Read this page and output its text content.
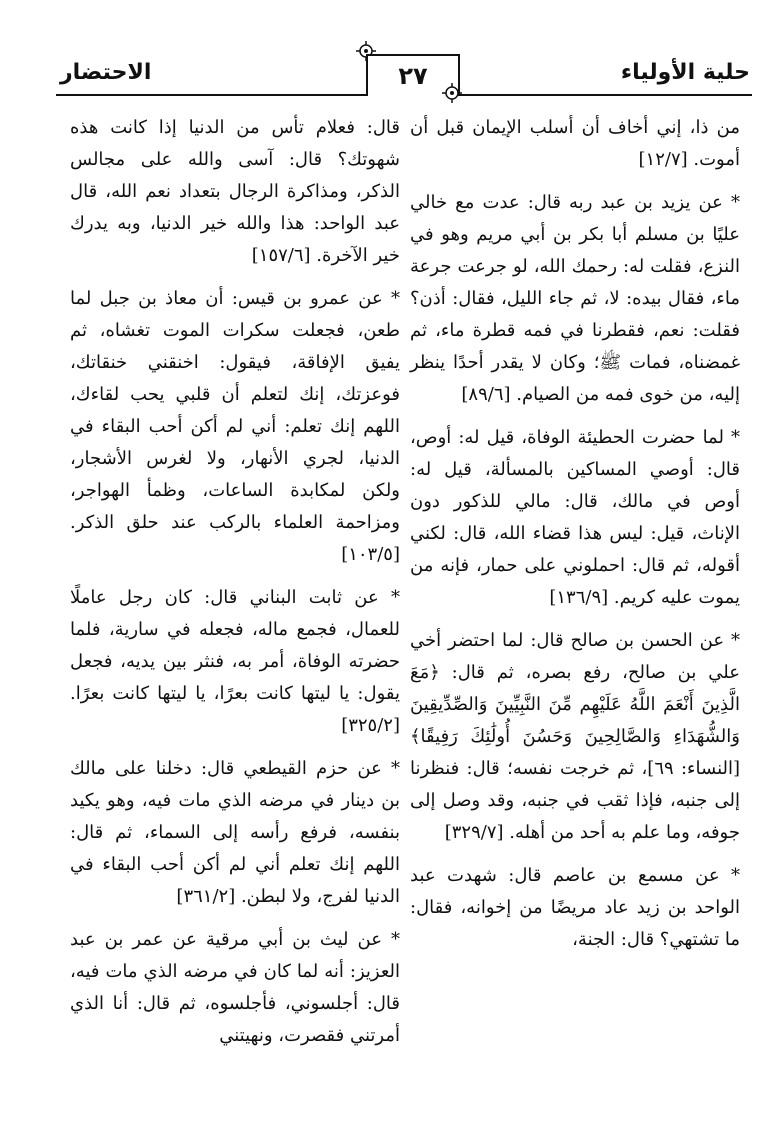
الاحتضار	٢٧	حلية الأولياء

من ذا، إني أخاف أن أسلب الإيمان قبل أن أموت. [١٢/٧]

* عن يزيد بن عبد ربه قال: عدت مع خالي عليًا بن مسلم أبا بكر بن أبي مريم وهو في النزع، فقلت له: رحمك الله، لو جرعت جرعة ماء، فقال بيده: لا، ثم جاء الليل، فقال: أذن؟ فقلت: نعم، فقطرنا في فمه قطرة ماء، ثم غمضناه، فمات ﷺ؛ وكان لا يقدر أحدًا ينظر إليه، من خوى فمه من الصيام. [٨٩/٦]

* لما حضرت الحطيئة الوفاة، قيل له: أوص، قال: أوصي المساكين بالمسألة، قيل له: أوص في مالك، قال: مالي للذكور دون الإناث، قيل: ليس هذا قضاء الله، قال: لكني أقوله، ثم قال: احملوني على حمار، فإنه من يموت عليه كريم. [١٣٦/٩]

* عن الحسن بن صالح قال: لما احتضر أخي علي بن صالح، رفع بصره، ثم قال: ﴿مَعَ الَّذِينَ أَنْعَمَ اللَّهُ عَلَيْهِم مِّنَ النَّبِيِّينَ وَالصِّدِّيقِينَ وَالشُّهَدَاءِ وَالصَّالِحِينَ وَحَسُنَ أُولَٰئِكَ رَفِيقًا﴾ [النساء: ٦٩]، ثم خرجت نفسه؛ قال: فنظرنا إلى جنبه، فإذا ثقب في جنبه، وقد وصل إلى جوفه، وما علم به أحد من أهله. [٣٢٩/٧]

* عن مسمع بن عاصم قال: شهدت عبد الواحد بن زيد عاد مريضًا من إخوانه، فقال: ما تشتهي؟ قال: الجنة،

قال: فعلام تأس من الدنيا إذا كانت هذه شهوتك؟ قال: آسى والله على مجالس الذكر، ومذاكرة الرجال بتعداد نعم الله، قال عبد الواحد: هذا والله خير الدنيا، وبه يدرك خير الآخرة. [١٥٧/٦]

* عن عمرو بن قيس: أن معاذ بن جبل لما طعن، فجعلت سكرات الموت تغشاه، ثم يفيق الإفاقة، فيقول: اخنقني خنقاتك، فوعزتك، إنك لتعلم أن قلبي يحب لقاءك، اللهم إنك تعلم: أني لم أكن أحب البقاء في الدنيا، لجري الأنهار، ولا لغرس الأشجار، ولكن لمكابدة الساعات، وظمأ الهواجر، ومزاحمة العلماء بالركب عند حلق الذكر. [١٠٣/٥]

* عن ثابت البناني قال: كان رجل عاملًا للعمال، فجمع ماله، فجعله في سارية، فلما حضرته الوفاة، أمر به، فنثر بين يديه، فجعل يقول: يا ليتها كانت بعرًا، يا ليتها كانت بعرًا. [٣٢٥/٢]

* عن حزم القيطعي قال: دخلنا على مالك بن دينار في مرضه الذي مات فيه، وهو يكيد بنفسه، فرفع رأسه إلى السماء، ثم قال: اللهم إنك تعلم أني لم أكن أحب البقاء في الدنيا لفرج، ولا لبطن. [٣٦١/٢]

* عن ليث بن أبي مرقية عن عمر بن عبد العزيز: أنه لما كان في مرضه الذي مات فيه، قال: أجلسوني، فأجلسوه، ثم قال: أنا الذي أمرتني فقصرت، ونهيتني
